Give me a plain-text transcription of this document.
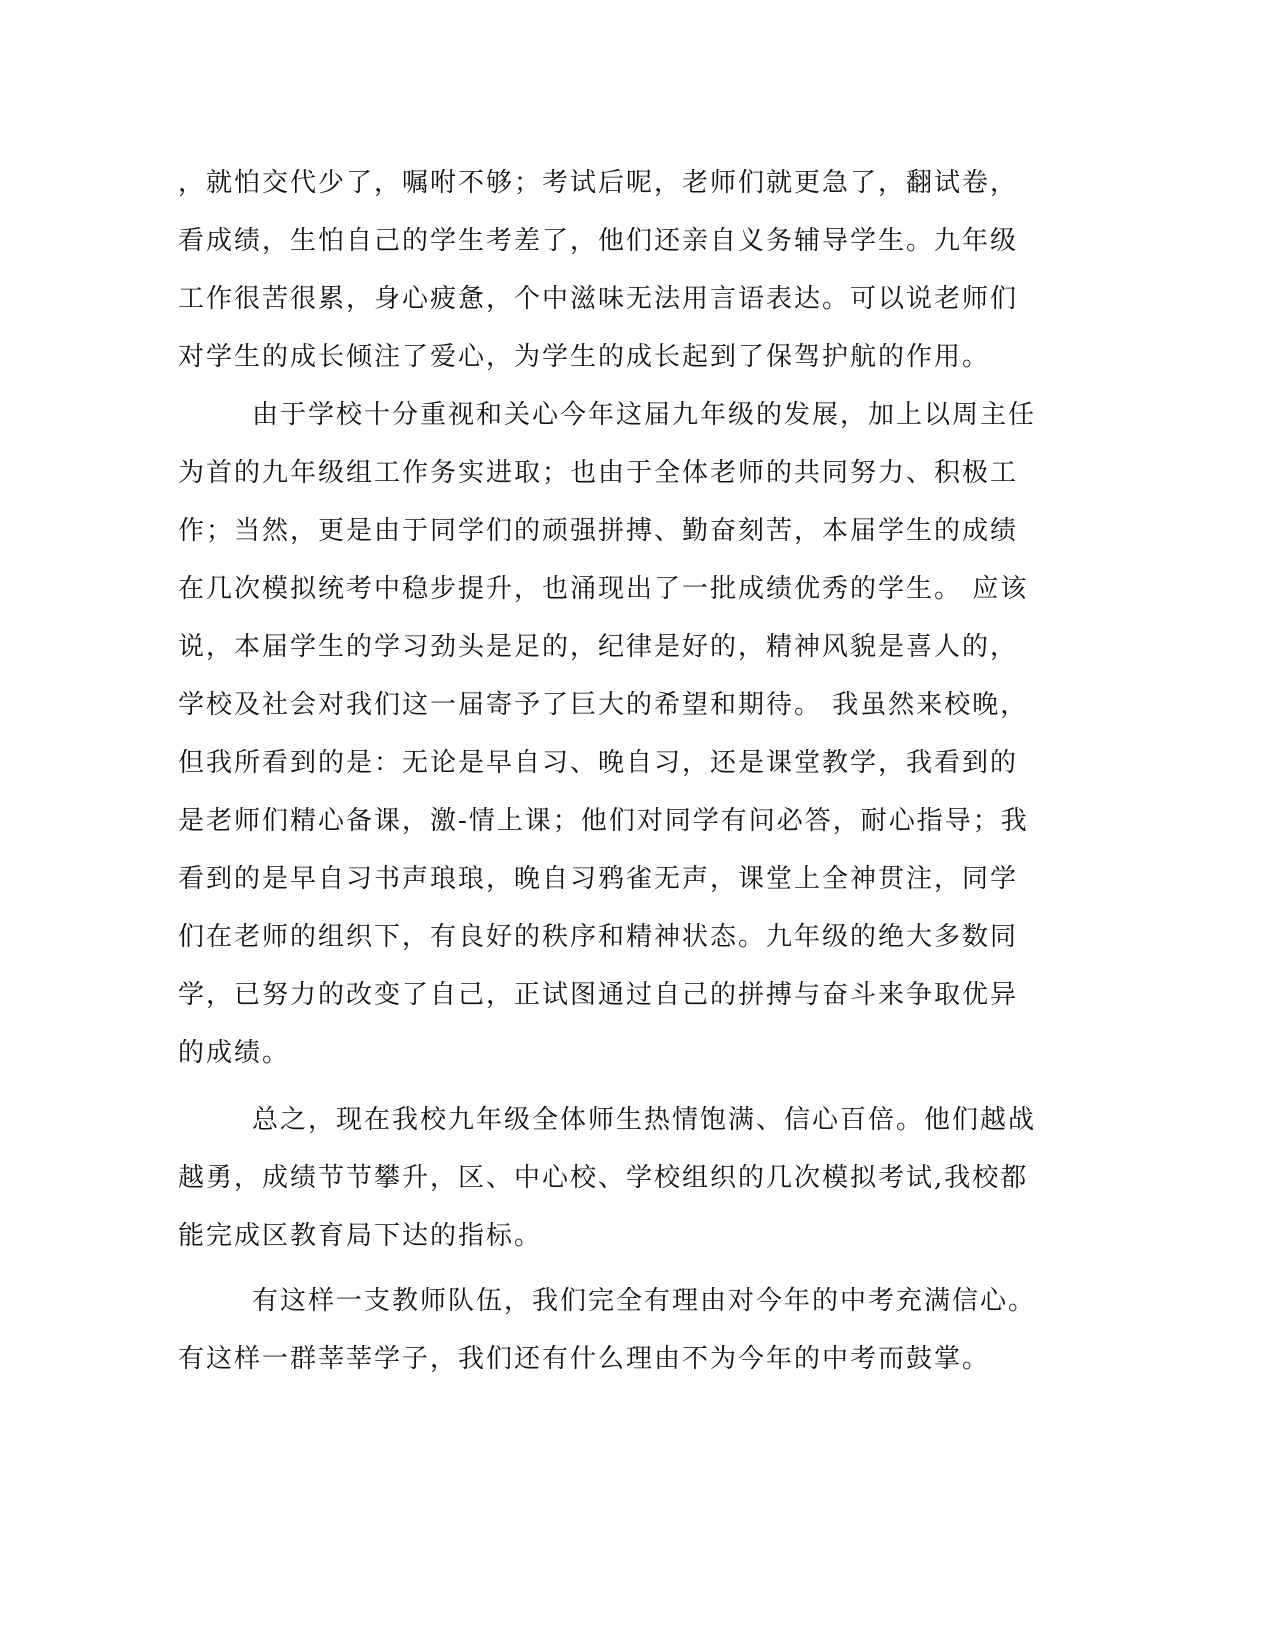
，就怕交代少了，嘱咐不够；考试后呢，老师们就更急了，翻试卷，
看成绩，生怕自己的学生考差了，他们还亲自义务辅导学生。九年级
工作很苦很累，身心疲惫，个中滋味无法用言语表达。可以说老师们
对学生的成长倾注了爱心，为学生的成长起到了保驾护航的作用。
由于学校十分重视和关心今年这届九年级的发展，加上以周主任
为首的九年级组工作务实进取；也由于全体老师的共同努力、积极工
作；当然，更是由于同学们的顽强拼搏、勤奋刻苦，本届学生的成绩
在几次模拟统考中稳步提升，也涌现出了一批成绩优秀的学生。 应该
说，本届学生的学习劲头是足的，纪律是好的，精神风貌是喜人的，
学校及社会对我们这一届寄予了巨大的希望和期待。 我虽然来校晚，
但我所看到的是：无论是早自习、晚自习，还是课堂教学，我看到的
是老师们精心备课，激-情上课；他们对同学有问必答，耐心指导；我
看到的是早自习书声琅琅，晚自习鸦雀无声，课堂上全神贯注，同学
们在老师的组织下，有良好的秩序和精神状态。九年级的绝大多数同
学，已努力的改变了自己，正试图通过自己的拼搏与奋斗来争取优异
的成绩。
总之，现在我校九年级全体师生热情饱满、信心百倍。他们越战
越勇，成绩节节攀升，区、中心校、学校组织的几次模拟考试,我校都
能完成区教育局下达的指标。
有这样一支教师队伍，我们完全有理由对今年的中考充满信心。
有这样一群莘莘学子，我们还有什么理由不为今年的中考而鼓掌。
